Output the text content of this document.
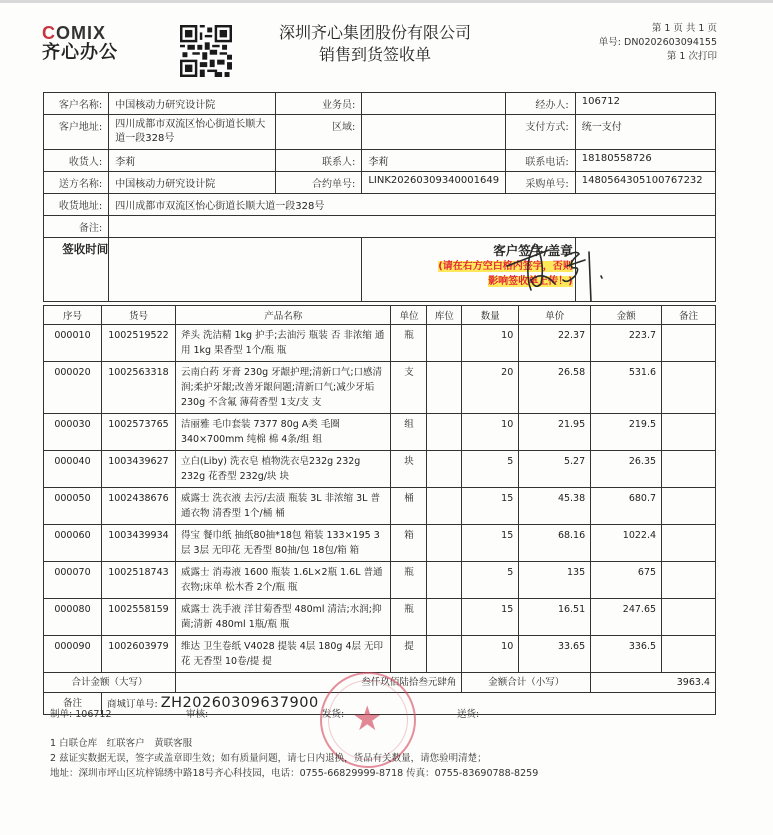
COMIX
齐心办公
深圳齐心集团股份有限公司
销售到货签收单
第 1 页 共 1 页
单号: DN0202603094155
第 1 次打印
客户名称:	中国核动力研究设计院	业务员:		经办人:	106712
客户地址:	四川成都市双流区怡心街道长顺大道一段328号	区域:		支付方式:	统一支付
收货人:	李莉	联系人:	李莉	联系电话:	18180558726
送方名称:	中国核动力研究设计院	合约单号:	LINK20260309340001649	采购单号:	1480564305100767232
收货地址:	四川成都市双流区怡心街道长顺大道一段328号				
备注:					
签收时间			客户签字/盖章
(请在右方空白格内签字，否则
影响签收单上传！)		

序号	货号	产品名称	单位	库位	数量	单价	金额	备注
000010	1002519522	斧头 洗洁精 1kg 护手;去油污 瓶装 否 非浓缩 通用 1kg 果香型 1个/瓶 瓶	瓶		10	22.37	223.7	
000020	1002563318	云南白药 牙膏 230g 牙龈护理;清新口气;口感清润;柔护牙龈;改善牙龈问题;清新口气;减少牙垢 230g 不含氟 薄荷香型 1支/支 支	支		20	26.58	531.6	
000030	1002573765	洁丽雅 毛巾套装 7377 80g A类 毛圈 340×700mm 纯棉 棉 4条/组 组	组		10	21.95	219.5	
000040	1003439627	立白(Liby) 洗衣皂 植物洗衣皂232g 232g 232g 花香型 232g/块 块	块		5	5.27	26.35	
000050	1002438676	威露士 洗衣液 去污/去渍 瓶装 3L 非浓缩 3L 普通衣物 清香型 1个/桶 桶	桶		15	45.38	680.7	
000060	1003439934	得宝 餐巾纸 抽纸80抽*18包 箱装 133×195 3层 3层 无印花 无香型 80抽/包 18包/箱 箱	箱		15	68.16	1022.4	
000070	1002518743	威露士 消毒液 1600 瓶装 1.6L×2瓶 1.6L 普通衣物;床单 松木香 2个/瓶 瓶	瓶		5	135	675	
000080	1002558159	威露士 洗手液 洋甘菊香型 480ml 清洁;水润;抑菌;清新 480ml 1瓶/瓶 瓶	瓶		15	16.51	247.65	
000090	1002603979	维达 卫生卷纸 V4028 提装 4层 180g 4层 无印花 无香型 10卷/提 提	提		10	33.65	336.5	
合计金额（大写）		叁仟玖佰陆拾叁元肆角			金额合计（小写）		3963.4	
备注	商城订单号: ZH20260309637900							
制单: 106712	审核:	发货:	送货:
★
1 白联仓库　红联客户　黄联客服
2 兹证实数据无误，签字或盖章即生效；如有质量问题，请七日内退换，货品有关数量，请您验明清楚；
地址：深圳市坪山区坑梓锦绣中路18号齐心科技园，电话：0755-66829999-8718 传真：0755-83690788-8259
